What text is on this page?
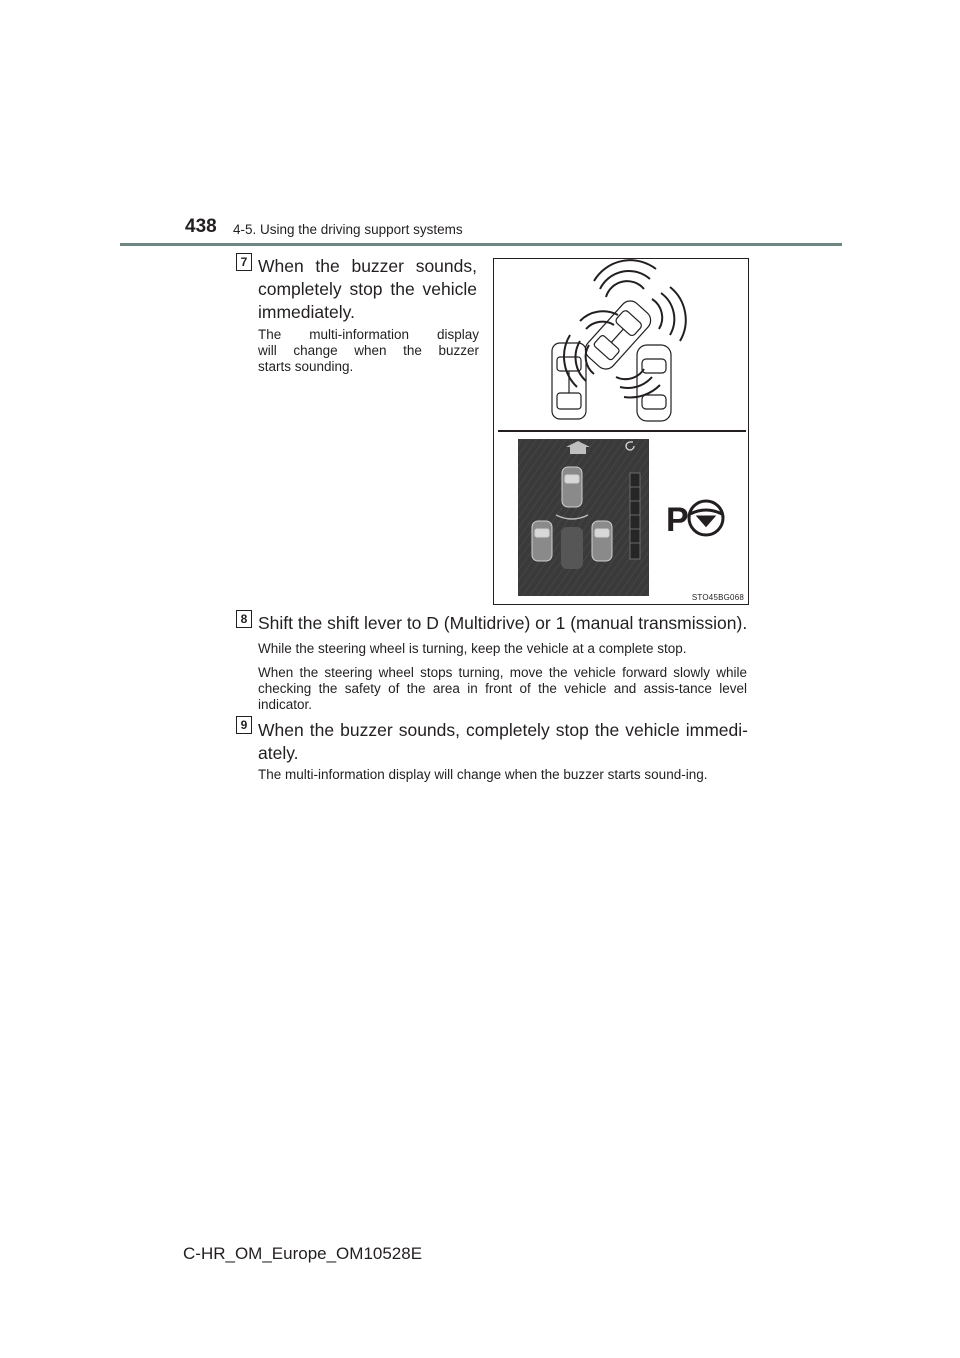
438 4-5. Using the driving support systems
7 When the buzzer sounds,
completely stop the vehicle
immediately.
The multi-information display
will change when the buzzer
starts sounding.
P
STO45BG068
8 Shift the shift lever to D (Multidrive) or 1 (manual transmission).
While the steering wheel is turning, keep the vehicle at a complete stop.
When the steering wheel stops turning, move the vehicle forward slowly while checking the safety of the area in front of the vehicle and assis-tance level indicator.
9 When the buzzer sounds, completely stop the vehicle immedi-ately.
The multi-information display will change when the buzzer starts sound-ing.
C-HR_OM_Europe_OM10528E
